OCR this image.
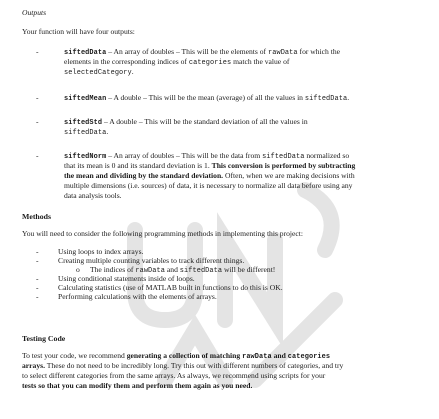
Outputs

Your function will have four outputs:

-	siftedData – An array of doubles – This will be the elements of rawData for which the

elements in the corresponding indices of categories match the value of

selectedCategory.

-	siftedMean – A double – This will be the mean (average) of all the values in siftedData.

-	siftedStd – A double – This will be the standard deviation of all the values in

siftedData.

-	siftedNorm – An array of doubles – This will be the data from siftedData normalized so

that its mean is 0 and its standard deviation is 1. This conversion is performed by subtracting

the mean and dividing by the standard deviation. Often, when we are making decisions with

multiple dimensions (i.e. sources) of data, it is necessary to normalize all data before using any

data analysis tools.

Methods

You will need to consider the following programming methods in implementing this project:

-	Using loops to index arrays.

-	Creating multiple counting variables to track different things.

o The indices of rawData and siftedData will be different!

-	Using conditional statements inside of loops.

-	Calculating statistics (use of MATLAB built in functions to do this is OK.

-	Performing calculations with the elements of arrays.

Testing Code

To test your code, we recommend generating a collection of matching rawData and categories

arrays. These do not need to be incredibly long. Try this out with different numbers of categories, and try

to select different categories from the same arrays. As always, we recommend using scripts for your

tests so that you can modify them and perform them again as you need.
